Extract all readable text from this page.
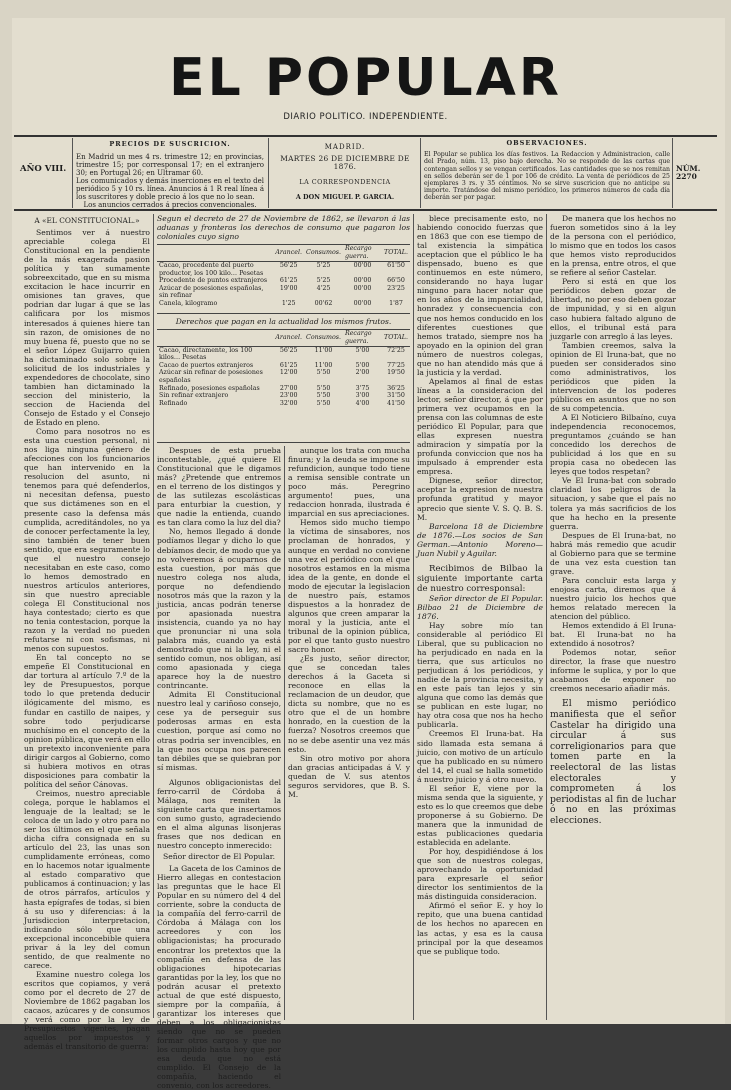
EL POPULAR
DIARIO POLITICO. INDEPENDIENTE.
AÑO VIII.
PRECIOS DE SUSCRICION.
En Madrid un mes 4 rs. trimestre 12; en provincias, trimestre 15; por corresponsal 17; en el extranjero 30; en Portugal 26; en Ultramar 60.
Los comunicados y demás inserciones en el texto del periódico 5 y 10 rs. línea. Anuncios á 1 R real línea á los suscritores y doble precio á los que no lo sean.
Los anuncios cerrados á precios convencionales.
MADRID.
MARTES 26 DE DICIEMBRE DE 1876.
LA CORRESPONDENCIA
A DON MIGUEL P. GARCIA.
OBSERVACIONES.
El Popular se publica los días festivos. La Redaccion y Administracion, calle del Prado, núm. 13, piso bajo derecha. No se responde de las cartas que contengan sellos y se vengan certificados. Las cantidades que se nos remitan en sellos deberán ser de 1 por 106 de crédito. La venta de periódicos de 25 ejemplares 3 rs. y 35 céntimos. No se sirve suscricion que no anticipe su importe. Tratándose del mismo periódico, los primeros números de cada día deberán ser por pagar.
NÚM. 2270
A «EL CONSTITUCIONAL.»

Sentimos ver á nuestro apreciable colega El Constitucional en la pendiente de la más exagerada pasion política y tan sumamente sobreexcitado, que en su misma excitacion le hace incurrir en omisiones tan graves, que podrian dar lugar á que se las calificara por los mismos interesados á quienes hiere tan sin razon, de omisiones de no muy buena fé, puesto que no se el señor López Guijarro quien ha dictaminado solo sobre la solicitud de los industriales y expendedores de chocolate, sino tambien han dictaminado la seccion del ministerio, la seccion de Hacienda del Consejo de Estado y el Consejo de Estado en pleno.

Como para nosotros no es esta una cuestion personal, ni nos liga ninguna género de afecciones con los funcionarios que han intervenido en la resolucion del asunto, ni tenemos para qué defenderlos, ni necesitan defensa, puesto que sus dictámenes son en el presente caso la defensa más cumplida, acreditándoles, no ya de conocer perfectamente la ley, sino también de tener buen sentido, que era seguramente lo que el nuestro consejo necesitaban en este caso, como lo hemos demostrado en nuestros artículos anteriores, sin que nuestro apreciable colega El Constitucional nos haya contestado; cierto es que no tenia contestacion, porque la razon y la verdad no pueden refutarse ni con sofismas, ni menos con supuestos.

En tal concepto no se empeñe El Constitucional en dar tortura al artículo 7.º de la ley de Presupuestos, porque todo lo que pretenda deducir ilógicamente del mismo, es fundar en castillo de naipes, y sobre todo perjudicarse muchísimo en el concepto de la opinion pública, que verá en ello un pretexto inconveniente para dirigir cargos al Gobierno, como si hubiera motivos en otras disposiciones para combatir la política del señor Cánovas.

Creimos, nuestro apreciable colega, porque le hablamos el lenguaje de la lealtad; se le coloca de un lado y otro para no ser los últimos en el que señala dicha cifra consignada en su artículo del 23, las unas son cumplidamente erróneas, como en lo hacemos notar igualmente al estado comparativo que publicamos á continuacion; y las de otros párrafos, artículos y hasta epígrafes de todas, si bien á su uso y diferencias: á la Jurisdiccion interpretacion, indicando sólo que una excepcional inconcebible quiera privar á la ley del comun sentido, de que realmente no carece.

Examine nuestro colega los escritos que copiamos, y verá como por el decreto de 27 de Noviembre de 1862 pagaban los cacaos, azúcares y de consumos y verá como por la ley de Presupuestos vigentes, pagan aquellos por impuestos y además el transitorio de guerra:

Segun el decreto de 27 de Noviembre de 1862, se llevaron á las aduanas y fronteras los derechos de consumo que pagaron los coloniales cuyo signo
	Arancel.	Consumos.	Recargo guerra.	TOTAL.
Cacao, procedente del puerto productor, los 100 kilo… Pesetas	56'25	5'25	00'00	61'50
Procedente de puntos extranjeros	61'25	5'25	00'00	66'50
Azúcar de posesiones españolas, sin refinar	19'00	4'25	00'00	23'25
Canela, kilogramo	1'25	00'62	00'00	1'87
Derechos que pagan en la actualidad los mismos frutos.
	Arancel.	Consumos.	Recargo guerra.	TOTAL.
Cacao, directamente, los 100 kilos… Pesetas	56'25	11'00	5'00	72'25
Cacao de puertos extranjeros	61'25	11'00	5'00	77'25
Azúcar sin refinar de posesiones españolas	12'00	5'50	2'00	19'50
Refinado, posesiones españolas	27'00	5'50	3'75	36'25
Sin refinar extranjero	23'00	5'50	3'00	31'50
Refinado	32'00	5'50	4'00	41'50

Despues de esta prueba incontestable, ¿qué quiere El Constitucional que le digamos más? ¿Pretende que entremos en el terreno de los distingos y de las sutilezas escolásticas para enturbiar la cuestion, y que nadie la entienda, cuando es tan clara como la luz del dia?

No, hemos llegado á donde podíamos llegar y dicho lo que debíamos decir, de modo que ya no volveremos á ocuparnos de esta cuestion, por más que nuestro colega nos aluda, porque no defendiendo nosotros más que la razon y la justicia, ancas podrán tenerse por apasionada nuestra insistencia, cuando ya no hay que pronunciar ni una sola palabra más, cuando ya está demostrado que ni la ley, ni el sentido comun, nos obligan, así como apasionada y ciega aparece hoy la de nuestro contrincante.

Admita El Constitucional nuestro leal y cariñoso consejo, cese ya de perseguir sus poderosas armas en esta cuestion, porque así como no otras podria ser invencibles, en la que nos ocupa nos parecen tan débiles que se quiebran por sí mismas.

Algunos obligacionistas del ferro-carril de Córdoba á Málaga, nos remiten la siguiente carta que insertamos con sumo gusto, agradeciendo en el alma algunas lisonjeras frases que nos dedican en nuestro concepto inmerecido:

Señor director de El Popular.

La Gaceta de los Caminos de Hierro allegas en contestacion las preguntas que le hace El Popular en su número del 4 del corriente, sobre la conducta de la compañía del ferro-carril de Córdoba á Málaga con los acreedores y con los obligacionistas; ha procurado encontrar los pretextos que la compañía en defensa de las obligaciones hipotecarias garantidas por la ley, los que no podrán acusar el pretexto actual de que esté dispuesto, siempre por la compañía, á garantizar los intereses que deben a los obligacionistas siendo que no se pueden formar otros cargos y que no los cumplido hasta hoy que por esa deuda que no está cumplido. El Consejo de la compañía, haciendo el convenio, con los acreedores.

aunque los trata con mucha finura; y la deuda se impone su refundicion, aunque todo tiene a remisa sensible contrate un poco más. Peregrino argumento! pues, una redaccion honrada, ilustrada é imparcial en sus apreciaciones.

Hemos sido mucho tiempo la víctima de sinsabores, nos proclaman de honrados, y aunque en verdad no conviene una vez el periódico con el que nosotros estamos en la misma idea de la gente, en donde el modo de ejecutar la legislacion de nuestro país, estamos dispuestos a la honradez de algunos que creen amparar la moral y la justicia, ante el tribunal de la opinion pública, por el que tanto gusto nuestro sacro honor.

¿Es justo, señor director, que se concedan tales derechos á la Gaceta si reconoce en ellas la reclamacion de un deudor, que dicta su nombre, que no es otro que el de un hombre honrado, en la cuestion de la fuerza? Nosotros creemos que no se debe asentir una vez más esto.

Sin otro motivo por ahora dan gracias anticipadas á V. y quedan de V. sus atentos seguros servidores, que B. S. M.

blece precisamente esto, no habiendo conocido fuerzas que en 1863 que con ese tiempo de tal existencia la simpática aceptacion que el público le ha dispensado, bueno es que continuemos en este número, considerando no haya lugar ninguno para hacer notar que en los años de la imparcialidad, honradez y consecuencia con que nos hemos conducido en los diferentes cuestiones que hemos tratado, siempre nos ha apoyado en la opinion del gran número de nuestros colegas, que no han atendido más que á la justicia y la verdad.

Apelamos al final de estas líneas a la consideracion del lector, señor director, á que por primera vez ocupamos en la prensa con las columnas de este periódico El Popular, para que ellas expresen nuestra admiracion y simpatía por la profunda conviccion que nos ha impulsado á emprender esta empresa.

Dignese, señor director, aceptar la expresion de nuestra profunda gratitud y mayor aprecio que siente V. S. Q. B. S. M.

Barcelona 18 de Diciembre de 1876.—Los socios de San German.—Antonio Moreno—Juan Nubil y Aguilar.

Recibimos de Bilbao la siguiente importante carta de nuestro corresponsal:

Señor director de El Popular. Bilbao 21 de Diciembre de 1876.

Hay sobre mío tan considerable al periódico El Liberal, que su publicacion no ha perjudicado en nada en la tierra, que sus artículos no perjudican á los periódicos, y nadie de la provincia necesita, y en este país tan lejos y sin alguna que como las demás que se publican en este lugar, no hay otra cosa que nos ha hecho publicarla.

Creemos El Iruna-bat. Ha sido llamada esta semana á juicio, con motivo de un artículo que ha publicado en su número del 14, el cual se halla sometido á nuestro juicio y á otro nuevo.

El señor E, viene por la misma senda que la siguiente, y esto es lo que creemos que debe proponerse á su Gobierno. De manera que la inmunidad de estas publicaciones quedaria establecida en adelante.

Por hoy, despidiéndose á los que son de nuestros colegas, aprovechando la oportunidad para expresarle el señor director los sentimientos de la más distinguida consideracion.

Afirmó el señor E. y hoy lo repito, que una buena cantidad de los hechos no aparecen en las actas, y esa es la causa principal por la que deseamos que se publique todo.

De manera que los hechos no fueron sometidos sino á la ley de la persona con el periódico, lo mismo que en todos los casos que hemos visto reproducidos en la prensa, entre otros, el que se refiere al señor Castelar.

Pero si está en que los periódicos deben gozar de libertad, no por eso deben gozar de impunidad, y si en algun caso hubiera faltado alguno de ellos, el tribunal está para juzgarle con arreglo á las leyes.

Tambien creemos, salva la opinion de El Iruna-bat, que no pueden ser considerados sino como administrativos, los periódicos que piden la intervencion de los poderes públicos en asuntos que no son de su competencia.

A El Noticiero Bilbaíno, cuya independencia reconocemos, preguntamos ¿cuándo se han concedido los derechos de publicidad á los que en su propia casa no obedecen las leyes que todos respetan?

Ve El Iruna-bat con sobrado claridad los peligros de la situacion, y sabe que el país no tolera ya más sacrificios de los que ha hecho en la presente guerra.

Despues de El Iruna-bat, no habrá más remedio que acudir al Gobierno para que se termine de una vez esta cuestion tan grave.

Para concluir esta larga y enojosa carta, diremos que á nuestro juicio los hechos que hemos relatado merecen la atencion del público.

Hemos extendido á El Iruna-bat. El Iruna-bat no ha extendido á nosotros?

Podemos notar, señor director, la frase que nuestro informe le suplica, y por lo que acabamos de exponer no creemos necesario añadir más.

El mismo periódico manifiesta que el señor Castelar ha dirigido una circular á sus correligionarios para que tomen parte en la reelectoral de las listas electorales y comprometen á los periodistas al fin de luchar ó no en las próximas elecciones.
